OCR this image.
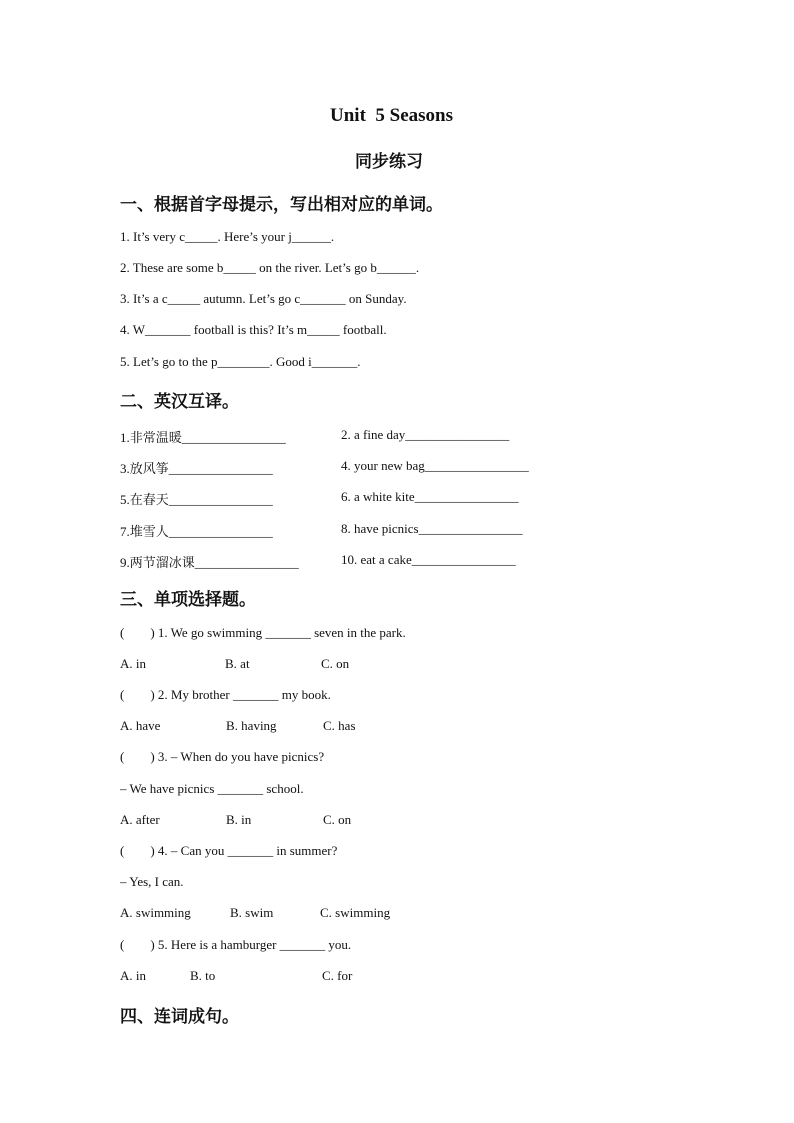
Unit  5 Seasons
同步练习
一、根据首字母提示，写出相对应的单词。
1. It’s very c_____. Here’s your j______.
2. These are some b_____ on the river. Let’s go b______.
3. It’s a c_____ autumn. Let’s go c_______ on Sunday.
4. W_______ football is this? It’s m_____ football.
5. Let’s go to the p________. Good i_______.
二、英汉互译。
1.非常温暖________________	2. a fine day________________
3.放风筝________________	4. your new bag________________
5.在春天________________	6. a white kite________________
7.堆雪人________________	8. have picnics________________
9.两节溜冰课________________	10. eat a cake________________
三、单项选择题。
(        ) 1. We go swimming _______ seven in the park.
A. in	B. at	C. on
(        ) 2. My brother _______ my book.
A. have	B. having	C. has
(        ) 3. – When do you have picnics?
– We have picnics _______ school.
A. after	B. in	C. on
(        ) 4. – Can you _______ in summer?
– Yes, I can.
A. swimming	B. swim	C. swimming
(        ) 5. Here is a hamburger _______ you.
A. in	B. to	C. for
四、连词成句。
